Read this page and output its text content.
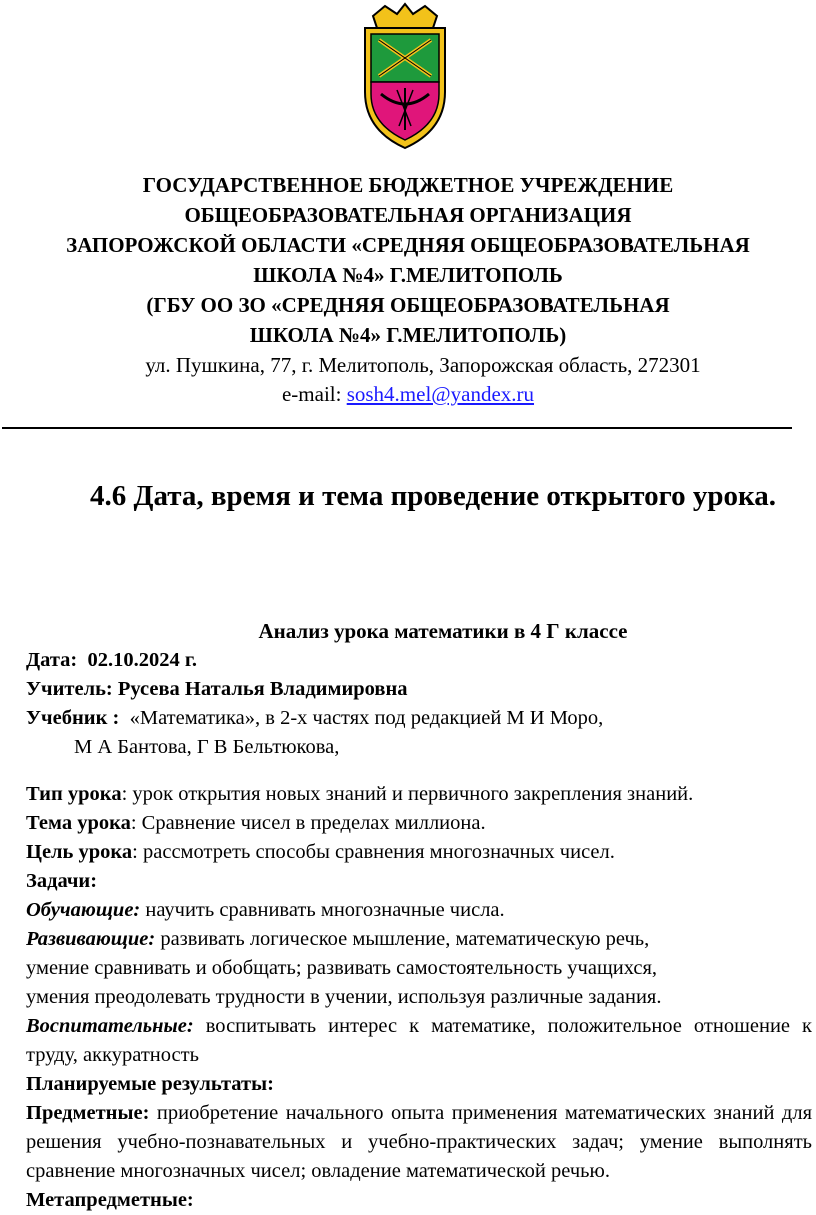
ГОСУДАРСТВЕННОЕ БЮДЖЕТНОЕ УЧРЕЖДЕНИЕ
ОБЩЕОБРАЗОВАТЕЛЬНАЯ ОРГАНИЗАЦИЯ
ЗАПОРОЖСКОЙ ОБЛАСТИ «СРЕДНЯЯ ОБЩЕОБРАЗОВАТЕЛЬНАЯ
ШКОЛА №4» Г.МЕЛИТОПОЛЬ
(ГБУ ОО ЗО «СРЕДНЯЯ ОБЩЕОБРАЗОВАТЕЛЬНАЯ
ШКОЛА №4» Г.МЕЛИТОПОЛЬ)
ул. Пушкина, 77, г. Мелитополь, Запорожская область, 272301
e-mail: sosh4.mel@yandex.ru
4.6 Дата, время и тема проведение открытого урока.
Анализ урока математики в 4 Г классе

Дата: 02.10.2024 г.

Учитель: Русева Наталья Владимировна

Учебник : «Математика», в 2-х частях под редакцией М И Моро,

М А Бантова, Г В Бельтюкова,

Тип урока: урок открытия новых знаний и первичного закрепления знаний.

Тема урока: Сравнение чисел в пределах миллиона.

Цель урока: рассмотреть способы сравнения многозначных чисел.

Задачи:

Обучающие: научить сравнивать многозначные числа.

Развивающие: развивать логическое мышление, математическую речь,

умение сравнивать и обобщать; развивать самостоятельность учащихся,

умения преодолевать трудности в учении, используя различные задания.

Воспитательные: воспитывать интерес к математике, положительное отношение к труду, аккуратность

Планируемые результаты:

Предметные: приобретение начального опыта применения математических знаний для решения учебно-познавательных и учебно-практических задач; умение выполнять сравнение многозначных чисел; овладение математической речью.

Метапредметные:
